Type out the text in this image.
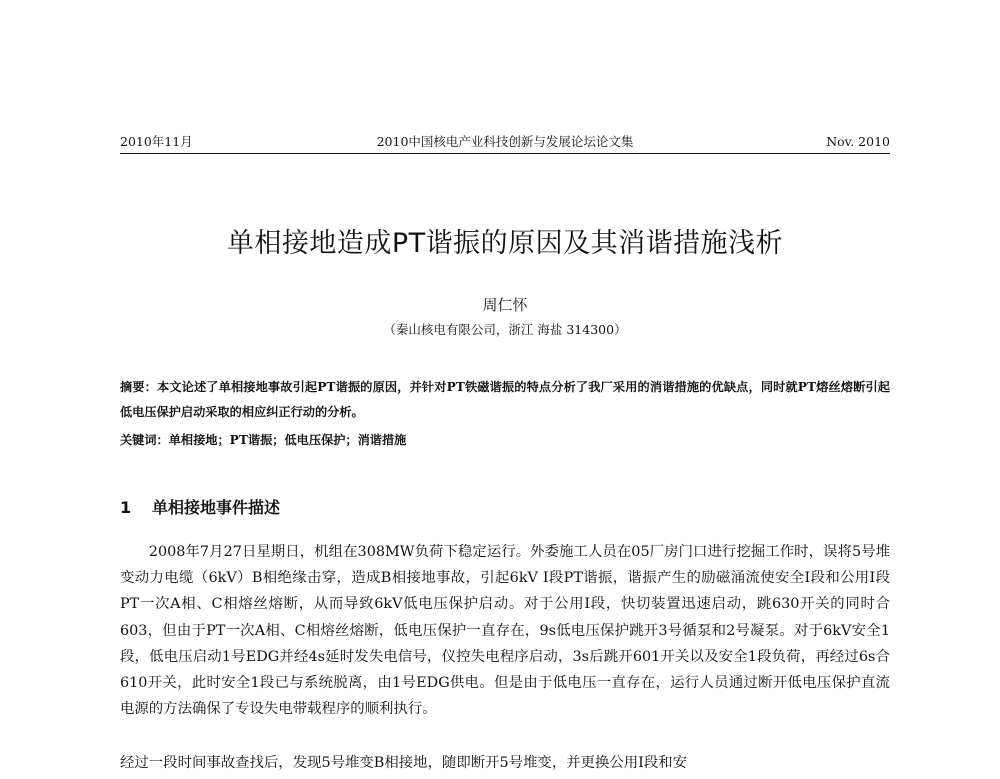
2010年11月	2010中国核电产业科技创新与发展论坛论文集	Nov. 2010
单相接地造成PT谐振的原因及其消谐措施浅析
周仁怀
（秦山核电有限公司，浙江 海盐 314300）
摘要：本文论述了单相接地事故引起PT谐振的原因，并针对PT铁磁谐振的特点分析了我厂采用的消谐措施的优缺点，同时就PT熔丝熔断引起低电压保护启动采取的相应纠正行动的分析。
关键词：单相接地；PT谐振；低电压保护；消谐措施
1 单相接地事件描述

2008年7月27日星期日，机组在308MW负荷下稳定运行。外委施工人员在05厂房门口进行挖掘工作时，误将5号堆变动力电缆（6kV）B相绝缘击穿，造成B相接地事故，引起6kV I段PT谐振，谐振产生的励磁涌流使安全I段和公用I段PT一次A相、C相熔丝熔断，从而导致6kV低电压保护启动。对于公用I段，快切装置迅速启动，跳630开关的同时合603，但由于PT一次A相、C相熔丝熔断，低电压保护一直存在，9s低电压保护跳开3号循泵和2号凝泵。对于6kV安全1段，低电压启动1号EDG并经4s延时发失电信号，仪控失电程序启动，3s后跳开601开关以及安全1段负荷，再经过6s合610开关，此时安全1段已与系统脱离，由1号EDG供电。但是由于低电压一直存在，运行人员通过断开低电压保护直流电源的方法确保了专设失电带载程序的顺利执行。

经过一段时间事故查找后，发现5号堆变B相接地，随即断开5号堆变，并更换公用I段和安
